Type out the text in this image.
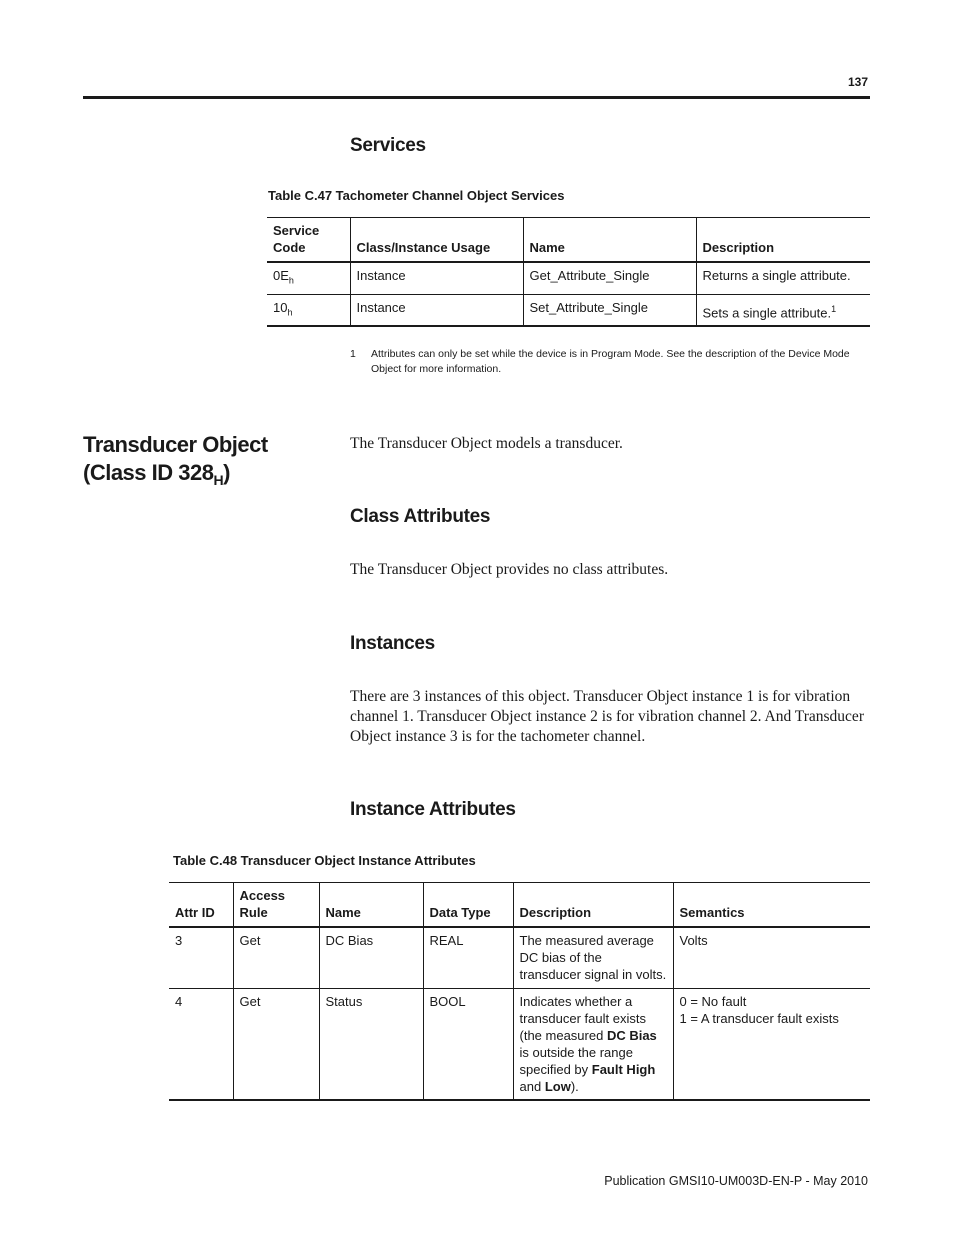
137
Services

Table C.47 Tachometer Channel Object Services

Service Code	Class/Instance Usage	Name	Description
$0E_h$	Instance	Get_Attribute_Single	Returns a single attribute.
$10_h$	Instance	Set_Attribute_Single	Sets a single attribute.$^1$
1 Attributes can only be set while the device is in Program Mode. See the description of the Device Mode Object for more information.
Transducer Object
(Class ID $328_H$)

The Transducer Object models a transducer.

Class Attributes

The Transducer Object provides no class attributes.

Instances

There are 3 instances of this object. Transducer Object instance 1 is for vibration channel 1. Transducer Object instance 2 is for vibration channel 2. And Transducer Object instance 3 is for the tachometer channel.

Instance Attributes

Table C.48 Transducer Object Instance Attributes

Attr ID	Access Rule	Name	Data Type	Description	Semantics
3	Get	DC Bias	REAL	The measured average DC bias of the transducer signal in volts.	Volts
4	Get	Status	BOOL	Indicates whether a transducer fault exists (the measured DC Bias is outside the range specified by Fault High and Low).	0 = No fault
1 = A transducer fault exists
Publication GMSI10-UM003D-EN-P - May 2010
